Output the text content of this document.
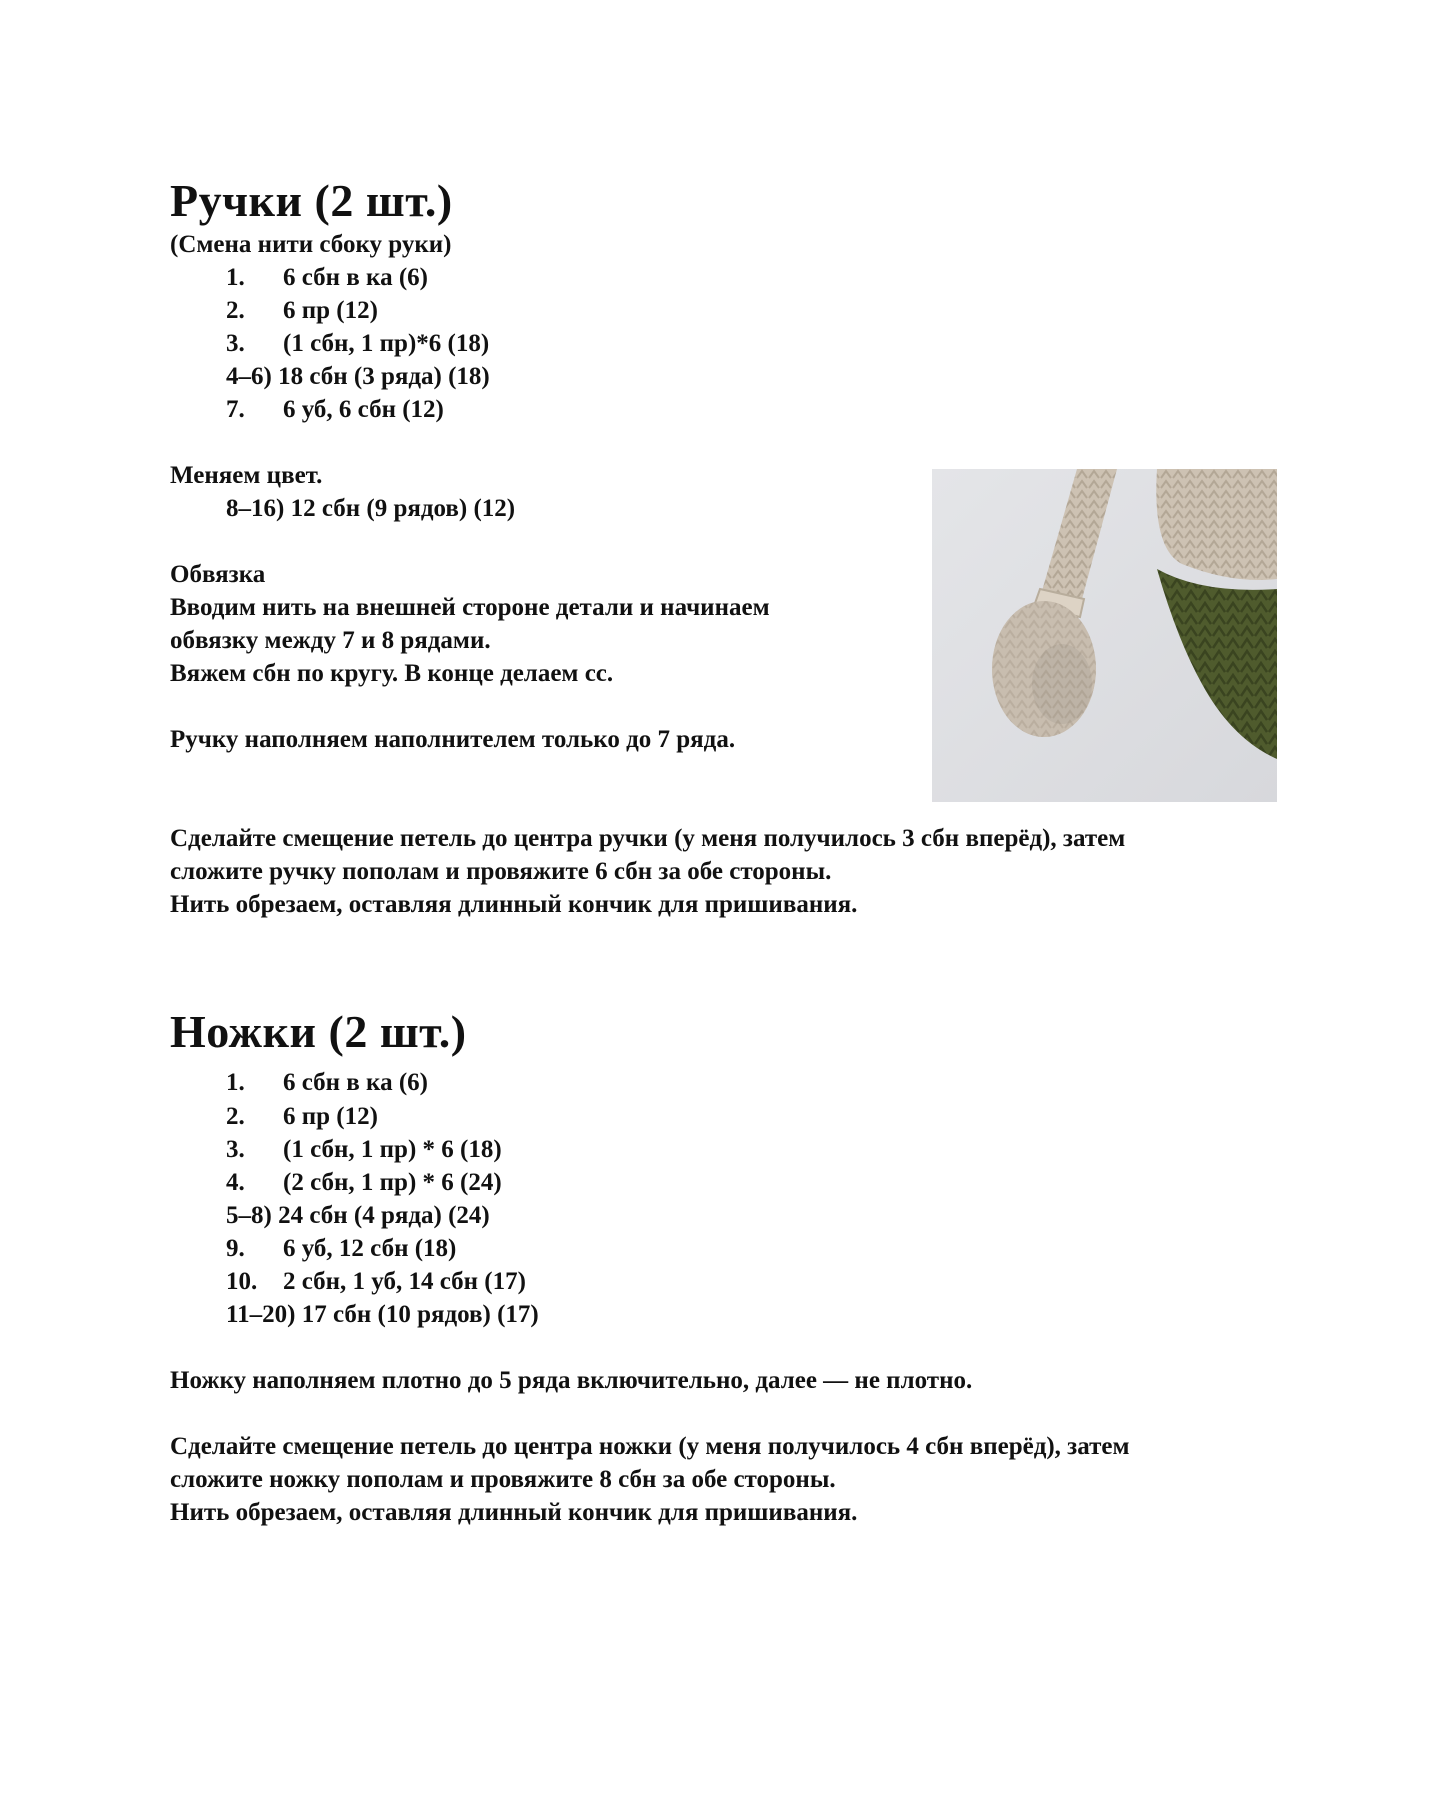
Ручки (2 шт.)
(Смена нити сбоку руки)
1. 6 сбн в ка (6)
2. 6 пр (12)
3. (1 сбн, 1 пр)*6 (18)
4–6) 18 сбн (3 ряда) (18)
7. 6 уб, 6 сбн (12)
Меняем цвет.
8–16) 12 сбн (9 рядов) (12)
Обвязка

Вводим нить на внешней стороне детали и начинаем

обвязку между 7 и 8 рядами.

Вяжем сбн по кругу. В конце делаем сс.

Ручку наполняем наполнителем только до 7 ряда.

Сделайте смещение петель до центра ручки (у меня получилось 3 сбн вперёд), затем

сложите ручку пополам и провяжите 6 сбн за обе стороны.

Нить обрезаем, оставляя длинный кончик для пришивания.

Ножки (2 шт.)
1. 6 сбн в ка (6)
2. 6 пр (12)
3. (1 сбн, 1 пр) * 6 (18)
4. (2 сбн, 1 пр) * 6 (24)
5–8) 24 сбн (4 ряда) (24)
9. 6 уб, 12 сбн (18)
10. 2 сбн, 1 уб, 14 сбн (17)
11–20) 17 сбн (10 рядов) (17)
Ножку наполняем плотно до 5 ряда включительно, далее — не плотно.

Сделайте смещение петель до центра ножки (у меня получилось 4 сбн вперёд), затем

сложите ножку пополам и провяжите 8 сбн за обе стороны.

Нить обрезаем, оставляя длинный кончик для пришивания.
